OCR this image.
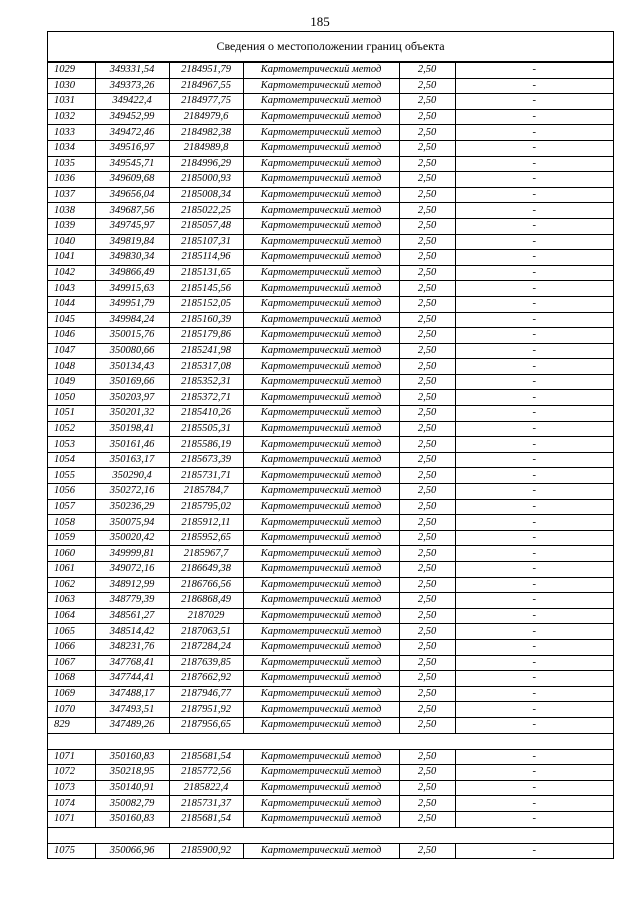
185
Сведения о местоположении границ объекта
1029	349331,54	2184951,79	Картометрический метод	2,50	-
1030	349373,26	2184967,55	Картометрический метод	2,50	-
1031	349422,4	2184977,75	Картометрический метод	2,50	-
1032	349452,99	2184979,6	Картометрический метод	2,50	-
1033	349472,46	2184982,38	Картометрический метод	2,50	-
1034	349516,97	2184989,8	Картометрический метод	2,50	-
1035	349545,71	2184996,29	Картометрический метод	2,50	-
1036	349609,68	2185000,93	Картометрический метод	2,50	-
1037	349656,04	2185008,34	Картометрический метод	2,50	-
1038	349687,56	2185022,25	Картометрический метод	2,50	-
1039	349745,97	2185057,48	Картометрический метод	2,50	-
1040	349819,84	2185107,31	Картометрический метод	2,50	-
1041	349830,34	2185114,96	Картометрический метод	2,50	-
1042	349866,49	2185131,65	Картометрический метод	2,50	-
1043	349915,63	2185145,56	Картометрический метод	2,50	-
1044	349951,79	2185152,05	Картометрический метод	2,50	-
1045	349984,24	2185160,39	Картометрический метод	2,50	-
1046	350015,76	2185179,86	Картометрический метод	2,50	-
1047	350080,66	2185241,98	Картометрический метод	2,50	-
1048	350134,43	2185317,08	Картометрический метод	2,50	-
1049	350169,66	2185352,31	Картометрический метод	2,50	-
1050	350203,97	2185372,71	Картометрический метод	2,50	-
1051	350201,32	2185410,26	Картометрический метод	2,50	-
1052	350198,41	2185505,31	Картометрический метод	2,50	-
1053	350161,46	2185586,19	Картометрический метод	2,50	-
1054	350163,17	2185673,39	Картометрический метод	2,50	-
1055	350290,4	2185731,71	Картометрический метод	2,50	-
1056	350272,16	2185784,7	Картометрический метод	2,50	-
1057	350236,29	2185795,02	Картометрический метод	2,50	-
1058	350075,94	2185912,11	Картометрический метод	2,50	-
1059	350020,42	2185952,65	Картометрический метод	2,50	-
1060	349999,81	2185967,7	Картометрический метод	2,50	-
1061	349072,16	2186649,38	Картометрический метод	2,50	-
1062	348912,99	2186766,56	Картометрический метод	2,50	-
1063	348779,39	2186868,49	Картометрический метод	2,50	-
1064	348561,27	2187029	Картометрический метод	2,50	-
1065	348514,42	2187063,51	Картометрический метод	2,50	-
1066	348231,76	2187284,24	Картометрический метод	2,50	-
1067	347768,41	2187639,85	Картометрический метод	2,50	-
1068	347744,41	2187662,92	Картометрический метод	2,50	-
1069	347488,17	2187946,77	Картометрический метод	2,50	-
1070	347493,51	2187951,92	Картометрический метод	2,50	-
829	347489,26	2187956,65	Картометрический метод	2,50	-

1071	350160,83	2185681,54	Картометрический метод	2,50	-
1072	350218,95	2185772,56	Картометрический метод	2,50	-
1073	350140,91	2185822,4	Картометрический метод	2,50	-
1074	350082,79	2185731,37	Картометрический метод	2,50	-
1071	350160,83	2185681,54	Картометрический метод	2,50	-

1075	350066,96	2185900,92	Картометрический метод	2,50	-
